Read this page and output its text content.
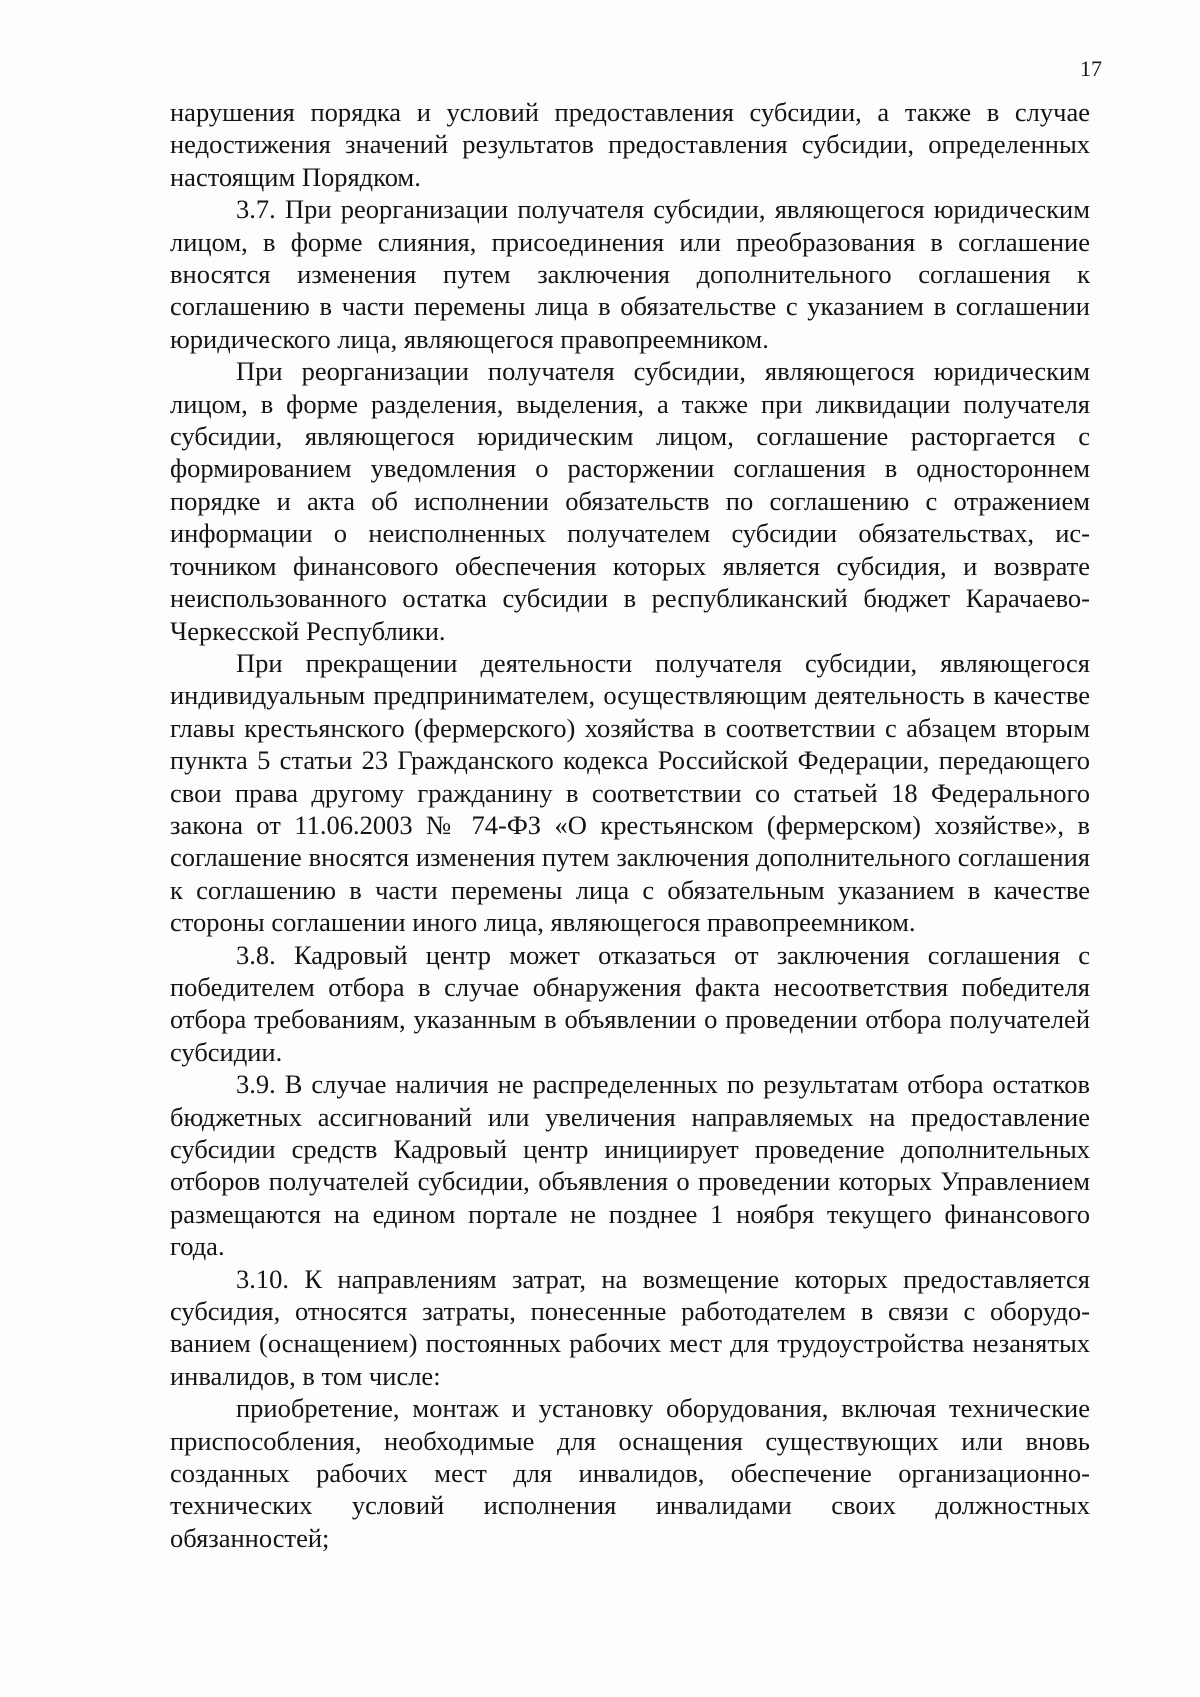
17

нарушения порядка и условий предоставления субсидии, а также в случае недостижения значений результатов предоставления субсидии, определенных настоящим Порядком.

3.7. При реорганизации получателя субсидии, являющегося юридическим лицом, в форме слияния, присоединения или преобразования в соглашение вносятся изменения путем заключения дополнительного соглашения к соглашению в части перемены лица в обязательстве с указанием в соглашении юридического лица, являющегося правопреемником.

При реорганизации получателя субсидии, являющегося юридическим лицом, в форме разделения, выделения, а также при ликвидации получателя субсидии, являющегося юридическим лицом, соглашение расторгается с формированием уведомления о расторжении соглашения в одностороннем порядке и акта об исполнении обязательств по соглашению с отражением информации о неисполненных получателем субсидии обязательствах, источником финансового обеспечения которых является субсидия, и возврате неиспользованного остатка субсидии в республиканский бюджет Карачаево-Черкесской Республики.

При прекращении деятельности получателя субсидии, являющегося индивидуальным предпринимателем, осуществляющим деятельность в качестве главы крестьянского (фермерского) хозяйства в соответствии с абзацем вторым пункта 5 статьи 23 Гражданского кодекса Российской Федерации, передающего свои права другому гражданину в соответствии со статьей 18 Федерального закона от 11.06.2003 № 74-ФЗ «О крестьянском (фермерском) хозяйстве», в соглашение вносятся изменения путем заключения дополнительного соглашения к соглашению в части перемены лица с обязательным указанием в качестве стороны соглашении иного лица, являющегося правопреемником.

3.8. Кадровый центр может отказаться от заключения соглашения с победителем отбора в случае обнаружения факта несоответствия победителя отбора требованиям, указанным в объявлении о проведении отбора получателей субсидии.

3.9. В случае наличия не распределенных по результатам отбора остатков бюджетных ассигнований или увеличения направляемых на предоставление субсидии средств Кадровый центр инициирует проведение дополнительных отборов получателей субсидии, объявления о проведении которых Управлением размещаются на едином портале не позднее 1 ноября текущего финансового года.

3.10. К направлениям затрат, на возмещение которых предоставляется субсидия, относятся затраты, понесенные работодателем в связи с оборудованием (оснащением) постоянных рабочих мест для трудоустройства незанятых инвалидов, в том числе:

приобретение, монтаж и установку оборудования, включая технические приспособления, необходимые для оснащения существующих или вновь созданных рабочих мест для инвалидов, обеспечение организационно-технических условий исполнения инвалидами своих должностных обязанностей;
